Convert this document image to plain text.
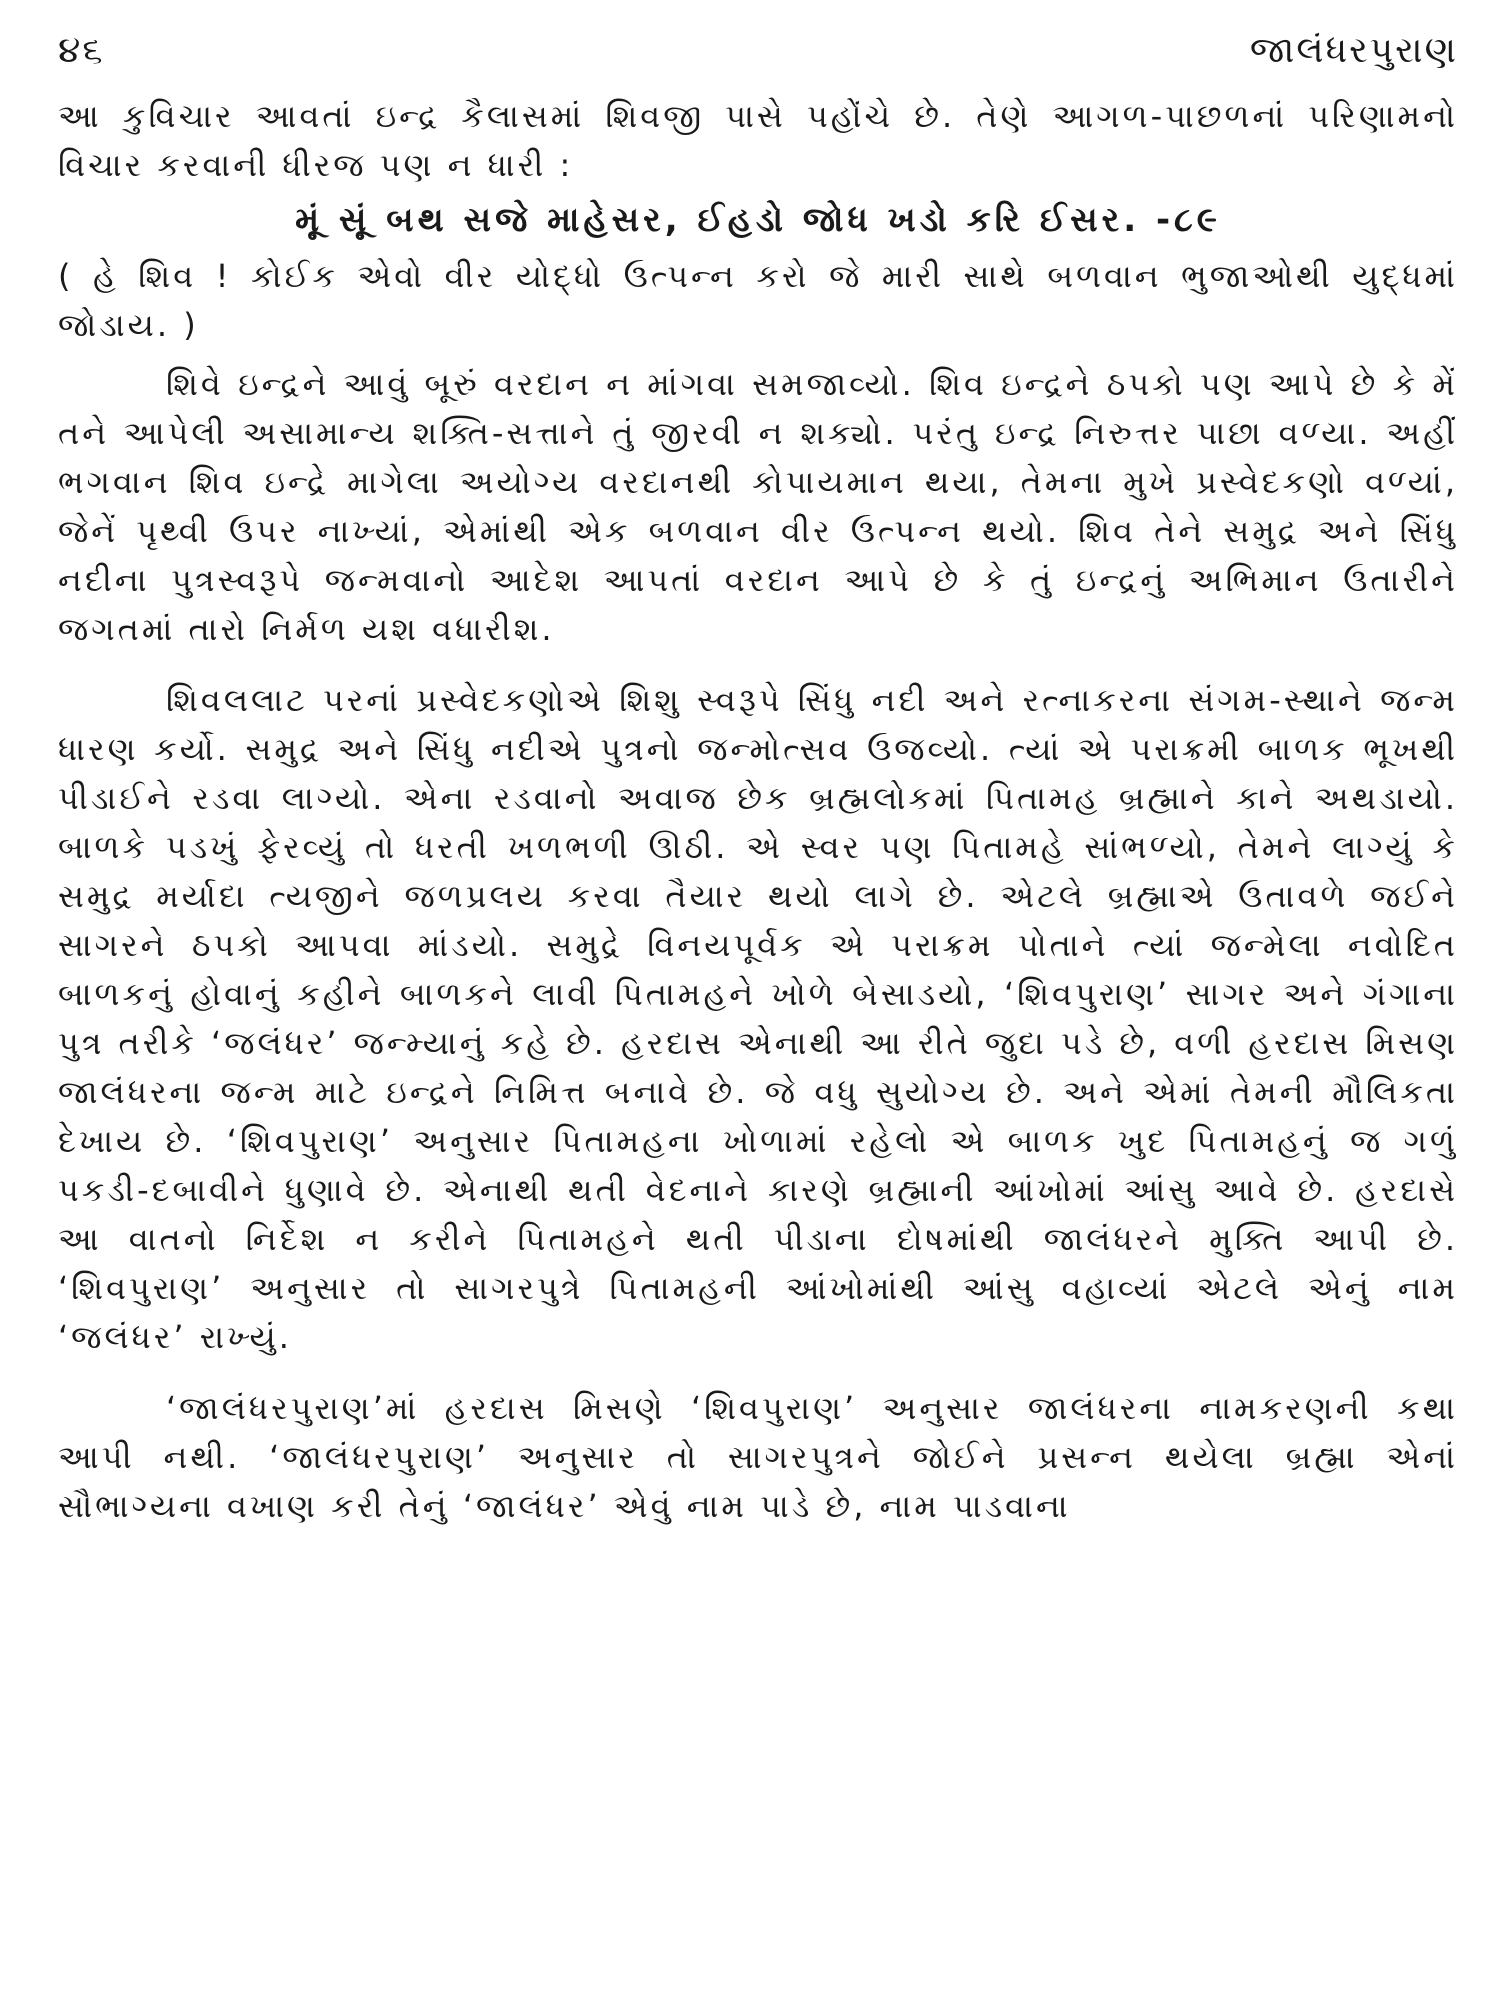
૪૬	જાલંધરપુરાણ

આ કુવિચાર આવતાં ઇન્દ્ર કૈલાસમાં શિવજી પાસે પહોંચે છે. તેણે આગળ-પાછળનાં પરિણામનો વિચાર કરવાની ધીરજ પણ ન ધારી :

મૂં સૂં બથ સજે માહેસર, ઈહડો જોધ ખડો કરિ ઈસર. -૮૯

( હે શિવ ! કોઈક એવો વીર યોદ્ધો ઉત્પન્ન કરો જે મારી સાથે બળવાન ભુજાઓથી યુદ્ધમાં જોડાય. )

શિવે ઇન્દ્રને આવું બૂરું વરદાન ન માંગવા સમજાવ્યો. શિવ ઇન્દ્રને ઠપકો પણ આપે છે કે મેં તને આપેલી અસામાન્ય શક્તિ-સત્તાને તું જીરવી ન શક્યો. પરંતુ ઇન્દ્ર નિરુત્તર પાછા વળ્યા. અહીં ભગવાન શિવ ઇન્દ્રે માગેલા અયોગ્ય વરદાનથી કોપાયમાન થયા, તેમના મુખે પ્રસ્વેદકણો વળ્યાં, જેનેં પૃથ્વી ઉપર નાખ્યાં, એમાંથી એક બળવાન વીર ઉત્પન્ન થયો. શિવ તેને સમુદ્ર અને સિંધુ નદીના પુત્રસ્વરૂપે જન્મવાનો આદેશ આપતાં વરદાન આપે છે કે તું ઇન્દ્રનું અભિમાન ઉતારીને જગતમાં તારો નિર્મળ યશ વધારીશ.

શિવલલાટ પરનાં પ્રસ્વેદકણોએ શિશુ સ્વરૂપે સિંધુ નદી અને રત્નાકરના સંગમ-સ્થાને જન્મ ધારણ કર્યો. સમુદ્ર અને સિંધુ નદીએ પુત્રનો જન્મોત્સવ ઉજવ્યો. ત્યાં એ પરાક્રમી બાળક ભૂખથી પીડાઈને રડવા લાગ્યો. એના રડવાનો અવાજ છેક બ્રહ્મલોકમાં પિતામહ બ્રહ્માને કાને અથડાયો. બાળકે પડખું ફેરવ્યું તો ધરતી ખળભળી ઊઠી. એ સ્વર પણ પિતામહે સાંભળ્યો, તેમને લાગ્યું કે સમુદ્ર મર્યાદા ત્યજીને જળપ્રલય કરવા તૈયાર થયો લાગે છે. એટલે બ્રહ્માએ ઉતાવળે જઈને સાગરને ઠપકો આપવા માંડયો. સમુદ્રે વિનયપૂર્વક એ પરાક્રમ પોતાને ત્યાં જન્મેલા નવોદિત બાળકનું હોવાનું કહીને બાળકને લાવી પિતામહને ખોળે બેસાડયો, ‘શિવપુરાણ’ સાગર અને ગંગાના પુત્ર તરીકે ‘જલંધર’ જન્મ્યાનું કહે છે. હરદાસ એનાથી આ રીતે જુદા પડે છે, વળી હરદાસ મિસણ જાલંધરના જન્મ માટે ઇન્દ્રને નિમિત્ત બનાવે છે. જે વધુ સુયોગ્ય છે. અને એમાં તેમની મૌલિકતા દેખાય છે. ‘શિવપુરાણ’ અનુસાર પિતામહના ખોળામાં રહેલો એ બાળક ખુદ પિતામહનું જ ગળું પકડી-દબાવીને ધુણાવે છે. એનાથી થતી વેદનાને કારણે બ્રહ્માની આંખોમાં આંસુ આવે છે. હરદાસે આ વાતનો નિર્દેશ ન કરીને પિતામહને થતી પીડાના દોષમાંથી જાલંધરને મુક્તિ આપી છે. ‘શિવપુરાણ’ અનુસાર તો સાગરપુત્રે પિતામહની આંખોમાંથી આંસુ વહાવ્યાં એટલે એનું નામ ‘જલંધર’ રાખ્યું.

‘જાલંધરપુરાણ’માં હરદાસ મિસણે ‘શિવપુરાણ’ અનુસાર જાલંધરના નામકરણની કથા આપી નથી. ‘જાલંધરપુરાણ’ અનુસાર તો સાગરપુત્રને જોઈને પ્રસન્ન થયેલા બ્રહ્મા એનાં સૌભાગ્યના વખાણ કરી તેનું ‘જાલંધર’ એવું નામ પાડે છે, નામ પાડવાના
